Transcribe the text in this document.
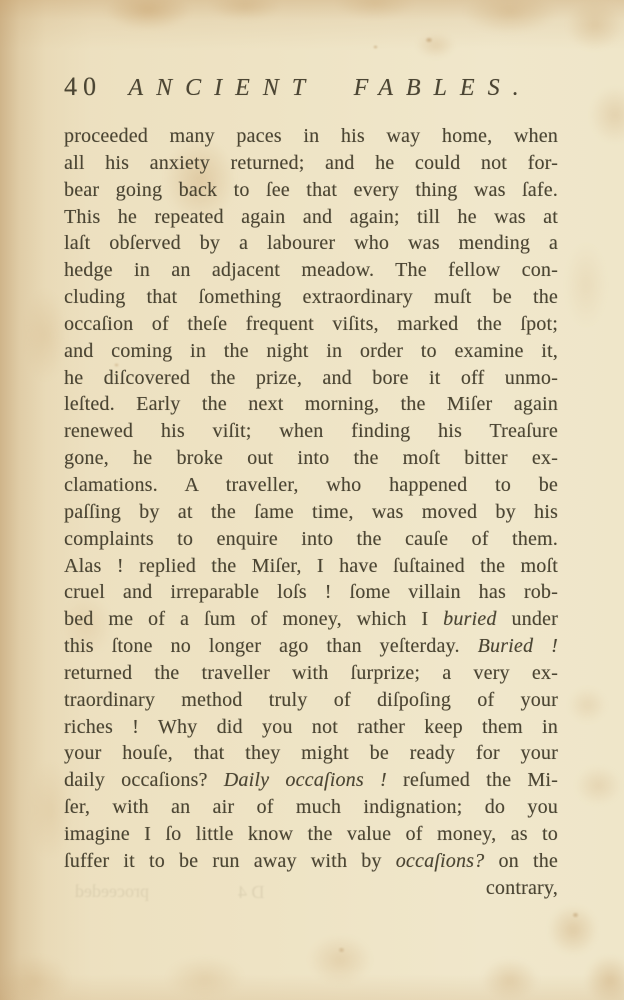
proceeded	D 4
40	ANCIENT FABLES.
proceeded many paces in his way home, when
all his anxiety returned; and he could not for-
bear going back to ſee that every thing was ſafe.
This he repeated again and again; till he was at
laſt obſerved by a labourer who was mending a
hedge in an adjacent meadow. The fellow con-
cluding that ſomething extraordinary muſt be the
occaſion of theſe frequent viſits, marked the ſpot;
and coming in the night in order to examine it,
he diſcovered the prize, and bore it off unmo-
leſted. Early the next morning, the Miſer again
renewed his viſit; when finding his Treaſure
gone, he broke out into the moſt bitter ex-
clamations. A traveller, who happened to be
paſſing by at the ſame time, was moved by his
complaints to enquire into the cauſe of them.
Alas ! replied the Miſer, I have ſuſtained the moſt
cruel and irreparable loſs ! ſome villain has rob-
bed me of a ſum of money, which I buried under
this ſtone no longer ago than yeſterday. Buried !
returned the traveller with ſurprize; a very ex-
traordinary method truly of diſpoſing of your
riches ! Why did you not rather keep them in
your houſe, that they might be ready for your
daily occaſions? Daily occaſions ! reſumed the Mi-
ſer, with an air of much indignation; do you
imagine I ſo little know the value of money, as to
ſuffer it to be run away with by occaſions? on the
contrary,
